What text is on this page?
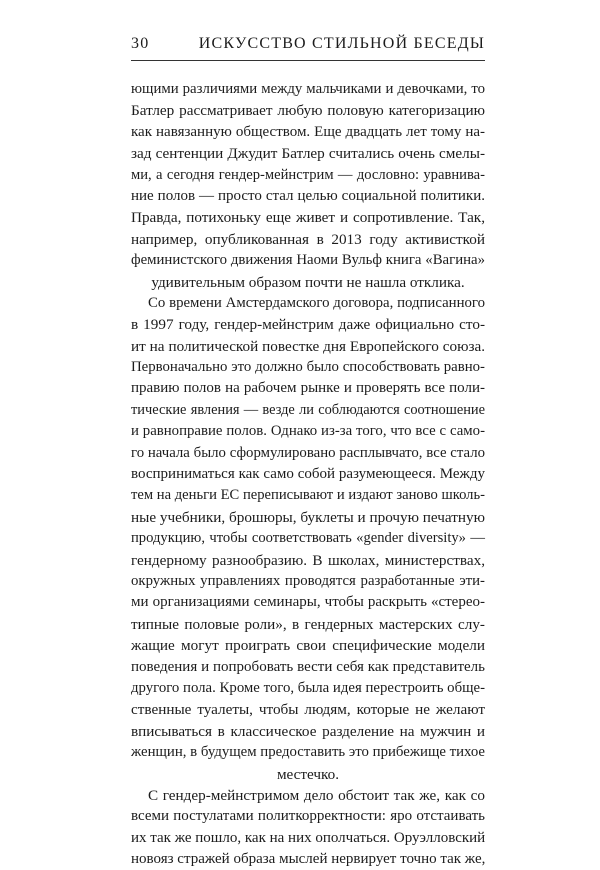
30	ИСКУССТВО СТИЛЬНОЙ БЕСЕДЫ

ющими различиями между мальчиками и девочками, то
Батлер рассматривает любую половую категоризацию
как навязанную обществом. Еще двадцать лет тому на-
зад сентенции Джудит Батлер считались очень смелы-
ми, а сегодня гендер-мейнстрим — дословно: уравнива-
ние полов — просто стал целью социальной политики.
Правда, потихоньку еще живет и сопротивление. Так,
например, опубликованная в 2013 году активисткой
феминистского движения Наоми Вульф книга «Вагина»
удивительным образом почти не нашла отклика.

Со времени Амстердамского договора, подписанного
в 1997 году, гендер-мейнстрим даже официально сто-
ит на политической повестке дня Европейского союза.
Первоначально это должно было способствовать равно-
правию полов на рабочем рынке и проверять все поли-
тические явления — везде ли соблюдаются соотношение
и равноправие полов. Однако из-за того, что все с само-
го начала было сформулировано расплывчато, все стало
восприниматься как само собой разумеющееся. Между
тем на деньги ЕС переписывают и издают заново школь-
ные учебники, брошюры, буклеты и прочую печатную
продукцию, чтобы соответствовать «gender diversity» —
гендерному разнообразию. В школах, министерствах,
окружных управлениях проводятся разработанные эти-
ми организациями семинары, чтобы раскрыть «стерео-
типные половые роли», в гендерных мастерских слу-
жащие могут проиграть свои специфические модели
поведения и попробовать вести себя как представитель
другого пола. Кроме того, была идея перестроить обще-
ственные туалеты, чтобы людям, которые не желают
вписываться в классическое разделение на мужчин и
женщин, в будущем предоставить это прибежище тихое
местечко.

С гендер-мейнстримом дело обстоит так же, как со
всеми постулатами политкорректности: яро отстаивать
их так же пошло, как на них ополчаться. Оруэлловский
новояз стражей образа мыслей нервирует точно так же,
